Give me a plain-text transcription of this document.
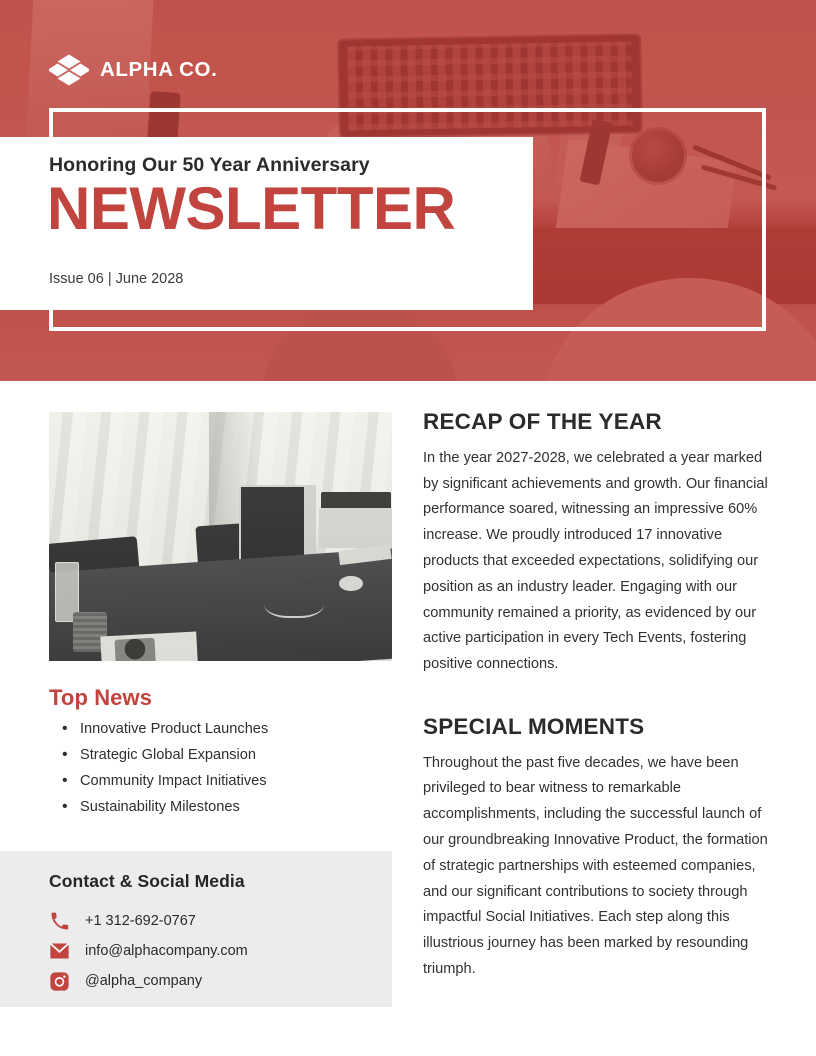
ALPHA CO.
Honoring Our 50 Year Anniversary
NEWSLETTER
Issue 06 | June 2028
Top News
• Innovative Product Launches
• Strategic Global Expansion
• Community Impact Initiatives
• Sustainability Milestones
Contact & Social Media
+1 312-692-0767
info@alphacompany.com
@alpha_company
RECAP OF THE YEAR
In the year 2027-2028, we celebrated a year marked by significant achievements and growth. Our financial performance soared, witnessing an impressive 60% increase. We proudly introduced 17 innovative products that exceeded expectations, solidifying our position as an industry leader. Engaging with our community remained a priority, as evidenced by our active participation in every Tech Events, fostering positive connections.
SPECIAL MOMENTS
Throughout the past five decades, we have been privileged to bear witness to remarkable accomplishments, including the successful launch of our groundbreaking Innovative Product, the formation of strategic partnerships with esteemed companies, and our significant contributions to society through impactful Social Initiatives. Each step along this illustrious journey has been marked by resounding triumph.
